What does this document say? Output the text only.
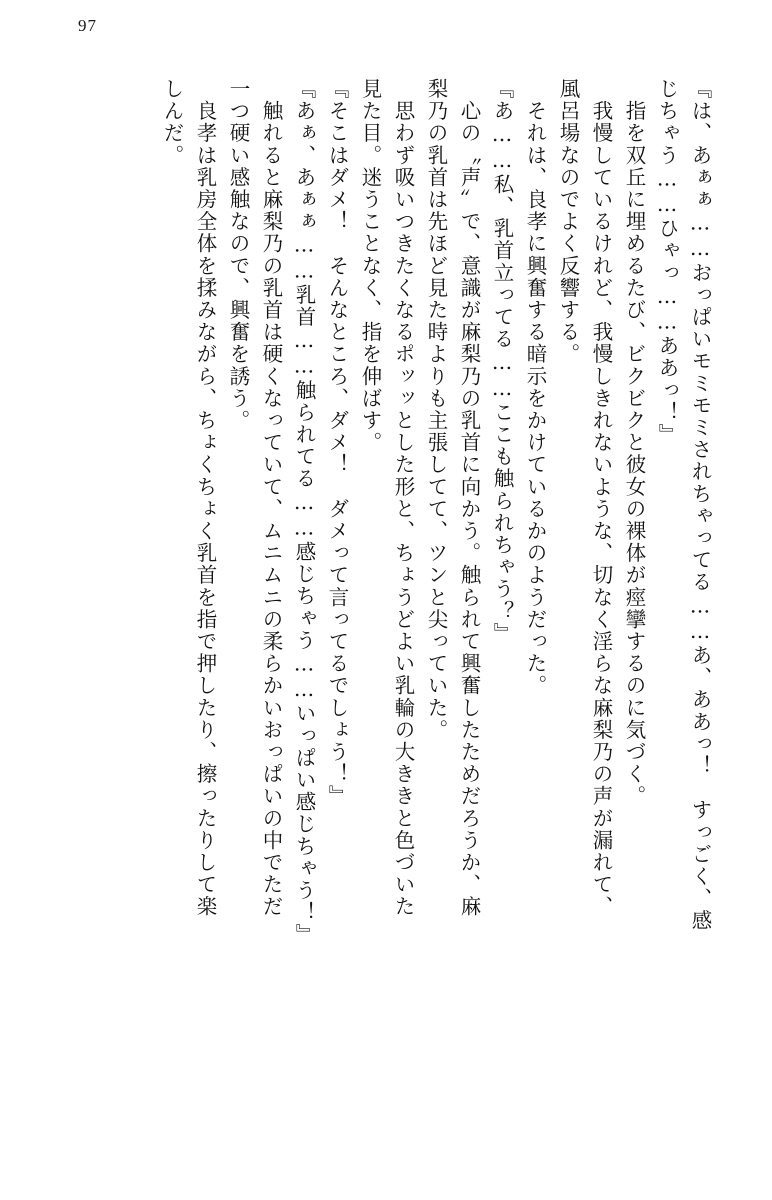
97
『は、あぁぁ……おっぱいモミモミされちゃってる……あ、ああっ！　すっごく、感
じちゃう……ひゃっ……ああっ！』
　指を双丘に埋めるたび、ビクビクと彼女の裸体が痙攣するのに気づく。
　我慢しているけれど、我慢しきれないような、切なく淫らな麻梨乃の声が漏れて、
風呂場なのでよく反響する。
　それは、良孝に興奮する暗示をかけているかのようだった。
『あ……私、乳首立ってる……ここも触られちゃう？』
　心の〝声〟で、意識が麻梨乃の乳首に向かう。触られて興奮したためだろうか、麻
梨乃の乳首は先ほど見た時よりも主張してて、ツンと尖っていた。
　思わず吸いつきたくなるポッッとした形と、ちょうどよい乳輪の大ききと色づいた
見た目。迷うことなく、指を伸ばす。
『そこはダメ！　そんなところ、ダメ！　ダメって言ってるでしょう！』
『あぁ、あぁぁ……乳首……触られてる……感じちゃう……いっぱい感じちゃう！』
　触れると麻梨乃の乳首は硬くなっていて、ムニムニの柔らかいおっぱいの中でただ
一つ硬い感触なので、興奮を誘う。
　良孝は乳房全体を揉みながら、ちょくちょく乳首を指で押したり、擦ったりして楽
しんだ。
